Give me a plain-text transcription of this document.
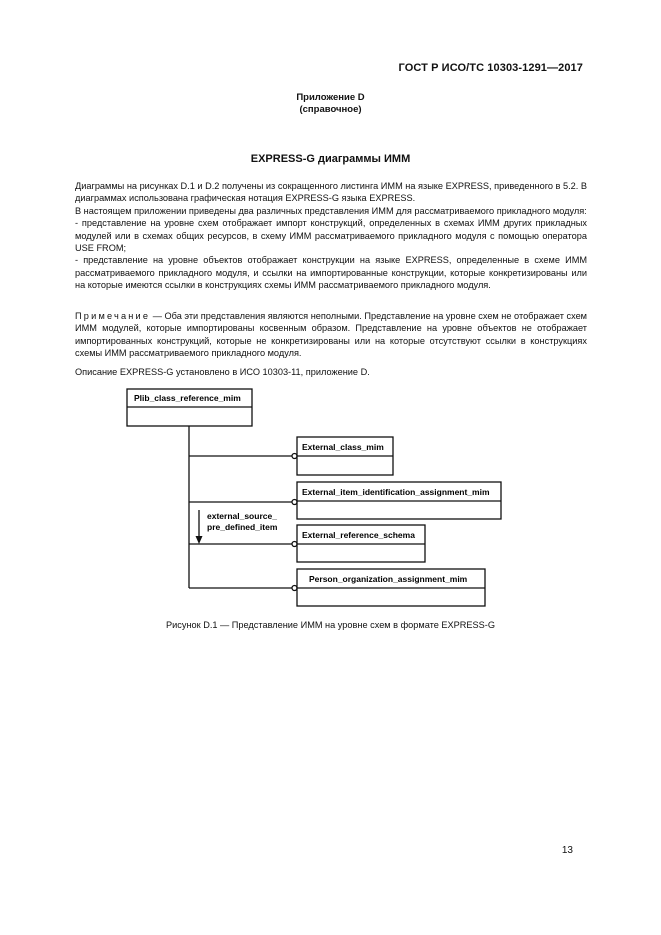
ГОСТ Р ИСО/ТС 10303-1291—2017
Приложение D
(справочное)
EXPRESS-G диаграммы ИММ

Диаграммы на рисунках D.1 и D.2 получены из сокращенного листинга ИММ на языке EXPRESS, приведенного в 5.2. В диаграммах использована графическая нотация EXPRESS-G языка EXPRESS.

В настоящем приложении приведены два различных представления ИММ для рассматриваемого прикладного модуля:

- представление на уровне схем отображает импорт конструкций, определенных в схемах ИММ других прикладных модулей или в схемах общих ресурсов, в схему ИММ рассматриваемого прикладного модуля с помощью оператора USE FROM;

- представление на уровне объектов отображает конструкции на языке EXPRESS, определенные в схеме ИММ рассматриваемого прикладного модуля, и ссылки на импортированные конструкции, которые конкретизированы или на которые имеются ссылки в конструкциях схемы ИММ рассматриваемого прикладного модуля.

Примечание — Оба эти представления являются неполными. Представление на уровне схем не отображает схем ИММ модулей, которые импортированы косвенным образом. Представление на уровне объектов не отображает импортированных конструкций, которые не конкретизированы или на которые отсутствуют ссылки в конструкциях схемы ИММ рассматриваемого прикладного модуля.

Описание EXPRESS-G установлено в ИСО 10303-11, приложение D.

Plib_class_reference_mim
External_class_mim
External_item_identification_assignment_mim
External_reference_schema
Person_organization_assignment_mim
external_source_
pre_defined_item
Рисунок D.1 — Представление ИММ на уровне схем в формате EXPRESS-G
13
